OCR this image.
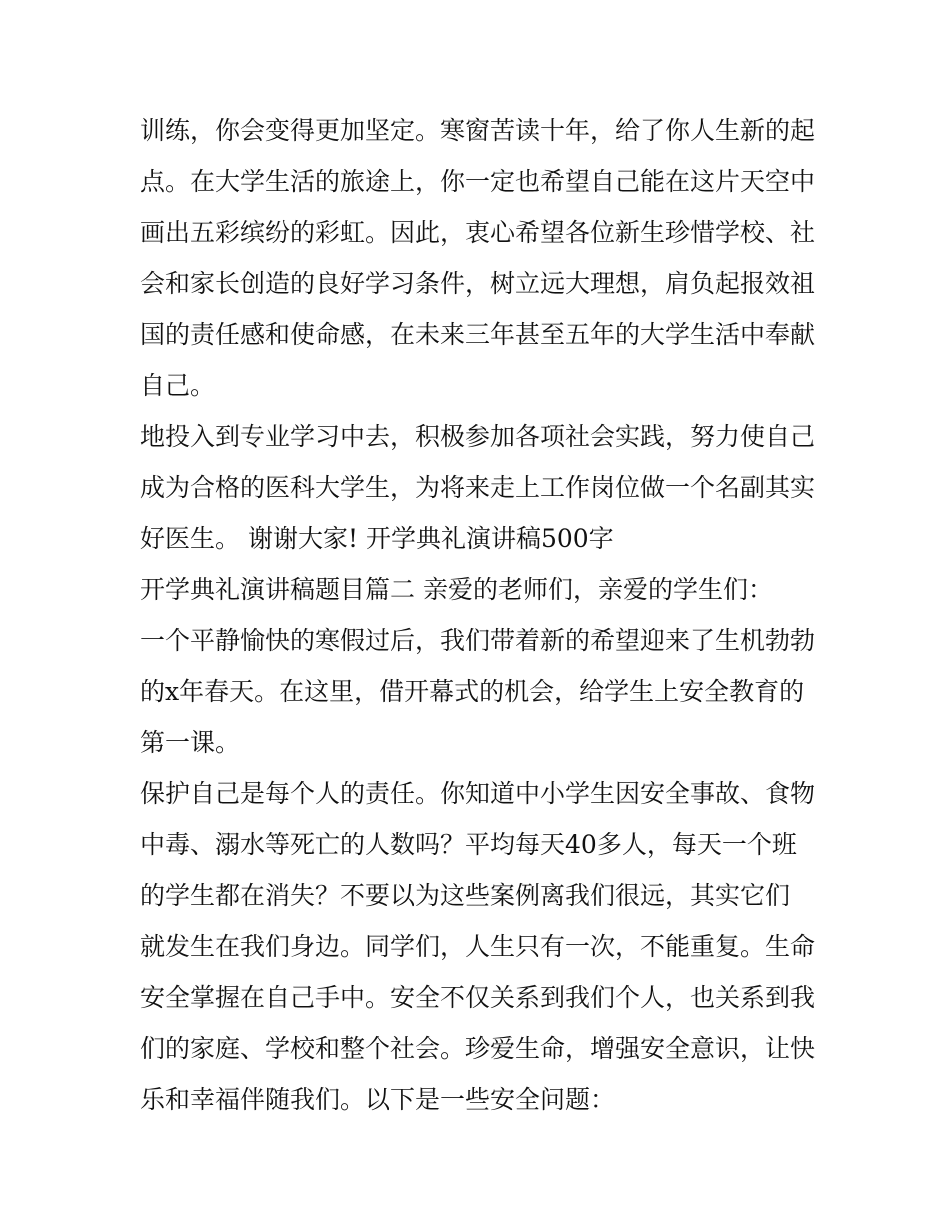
训练，你会变得更加坚定。寒窗苦读十年，给了你人生新的起
点。在大学生活的旅途上，你一定也希望自己能在这片天空中
画出五彩缤纷的彩虹。因此，衷心希望各位新生珍惜学校、社
会和家长创造的良好学习条件，树立远大理想，肩负起报效祖
国的责任感和使命感，在未来三年甚至五年的大学生活中奉献
自己。
地投入到专业学习中去，积极参加各项社会实践，努力使自己
成为合格的医科大学生，为将来走上工作岗位做一个名副其实
好医生。 谢谢大家! 开学典礼演讲稿500字
开学典礼演讲稿题目篇二 亲爱的老师们，亲爱的学生们：
一个平静愉快的寒假过后，我们带着新的希望迎来了生机勃勃
的x年春天。在这里，借开幕式的机会，给学生上安全教育的
第一课。
保护自己是每个人的责任。你知道中小学生因安全事故、食物
中毒、溺水等死亡的人数吗？平均每天40多人，每天一个班
的学生都在消失？不要以为这些案例离我们很远，其实它们
就发生在我们身边。同学们，人生只有一次，不能重复。生命
安全掌握在自己手中。安全不仅关系到我们个人，也关系到我
们的家庭、学校和整个社会。珍爱生命，增强安全意识，让快
乐和幸福伴随我们。以下是一些安全问题：
